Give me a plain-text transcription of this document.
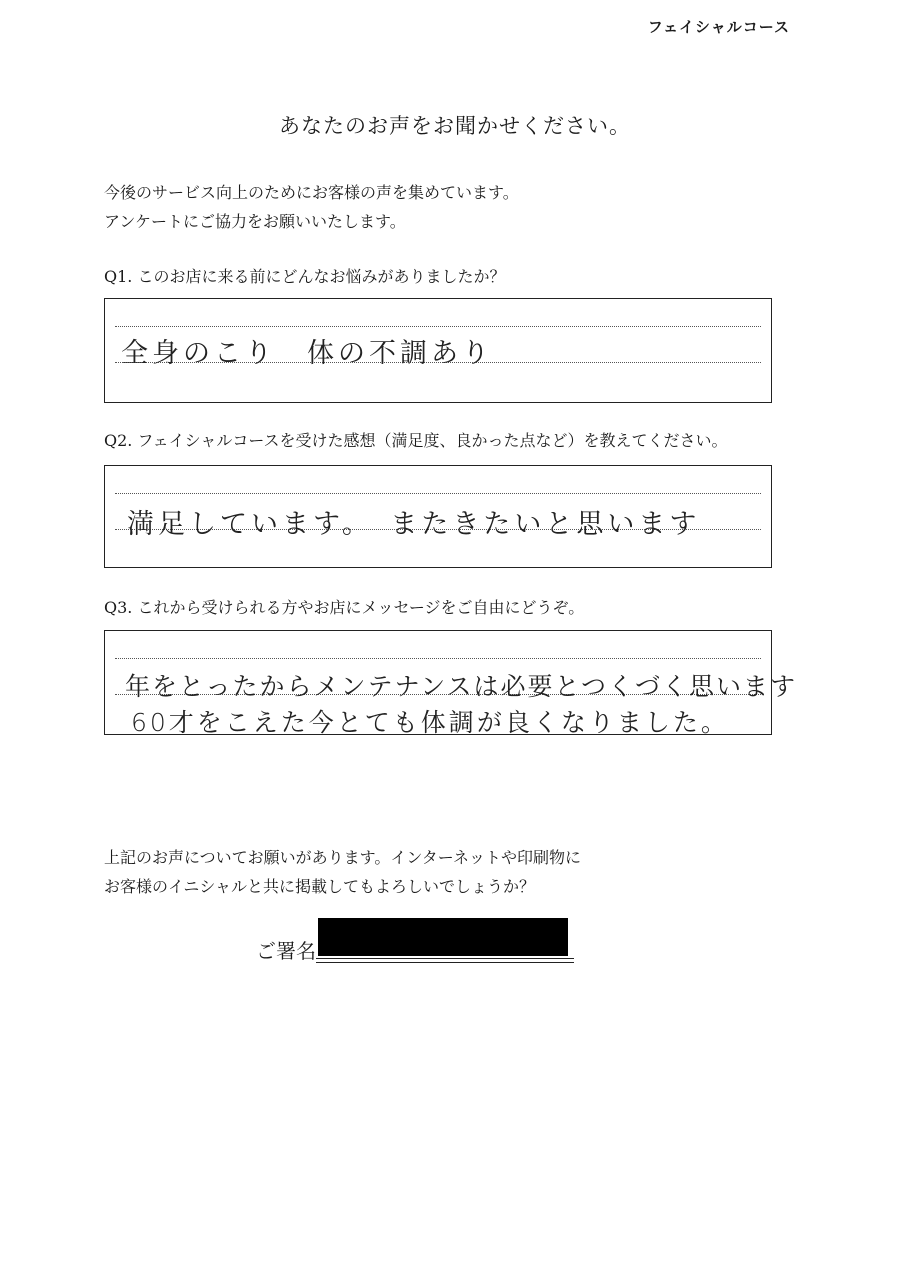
フェイシャルコース
あなたのお声をお聞かせください。
今後のサービス向上のためにお客様の声を集めています。
アンケートにご協力をお願いいたします。
Q1. このお店に来る前にどんなお悩みがありましたか？
全身のこり　体の不調あり
Q2. フェイシャルコースを受けた感想（満足度、良かった点など）を教えてください。
満足しています。　またきたいと思います
Q3. これから受けられる方やお店にメッセージをご自由にどうぞ。
年をとったからメンテナンスは必要とつくづく思います
60才をこえた今とても体調が良くなりました。
上記のお声についてお願いがあります。インターネットや印刷物に
お客様のイニシャルと共に掲載してもよろしいでしょうか？
ご署名
